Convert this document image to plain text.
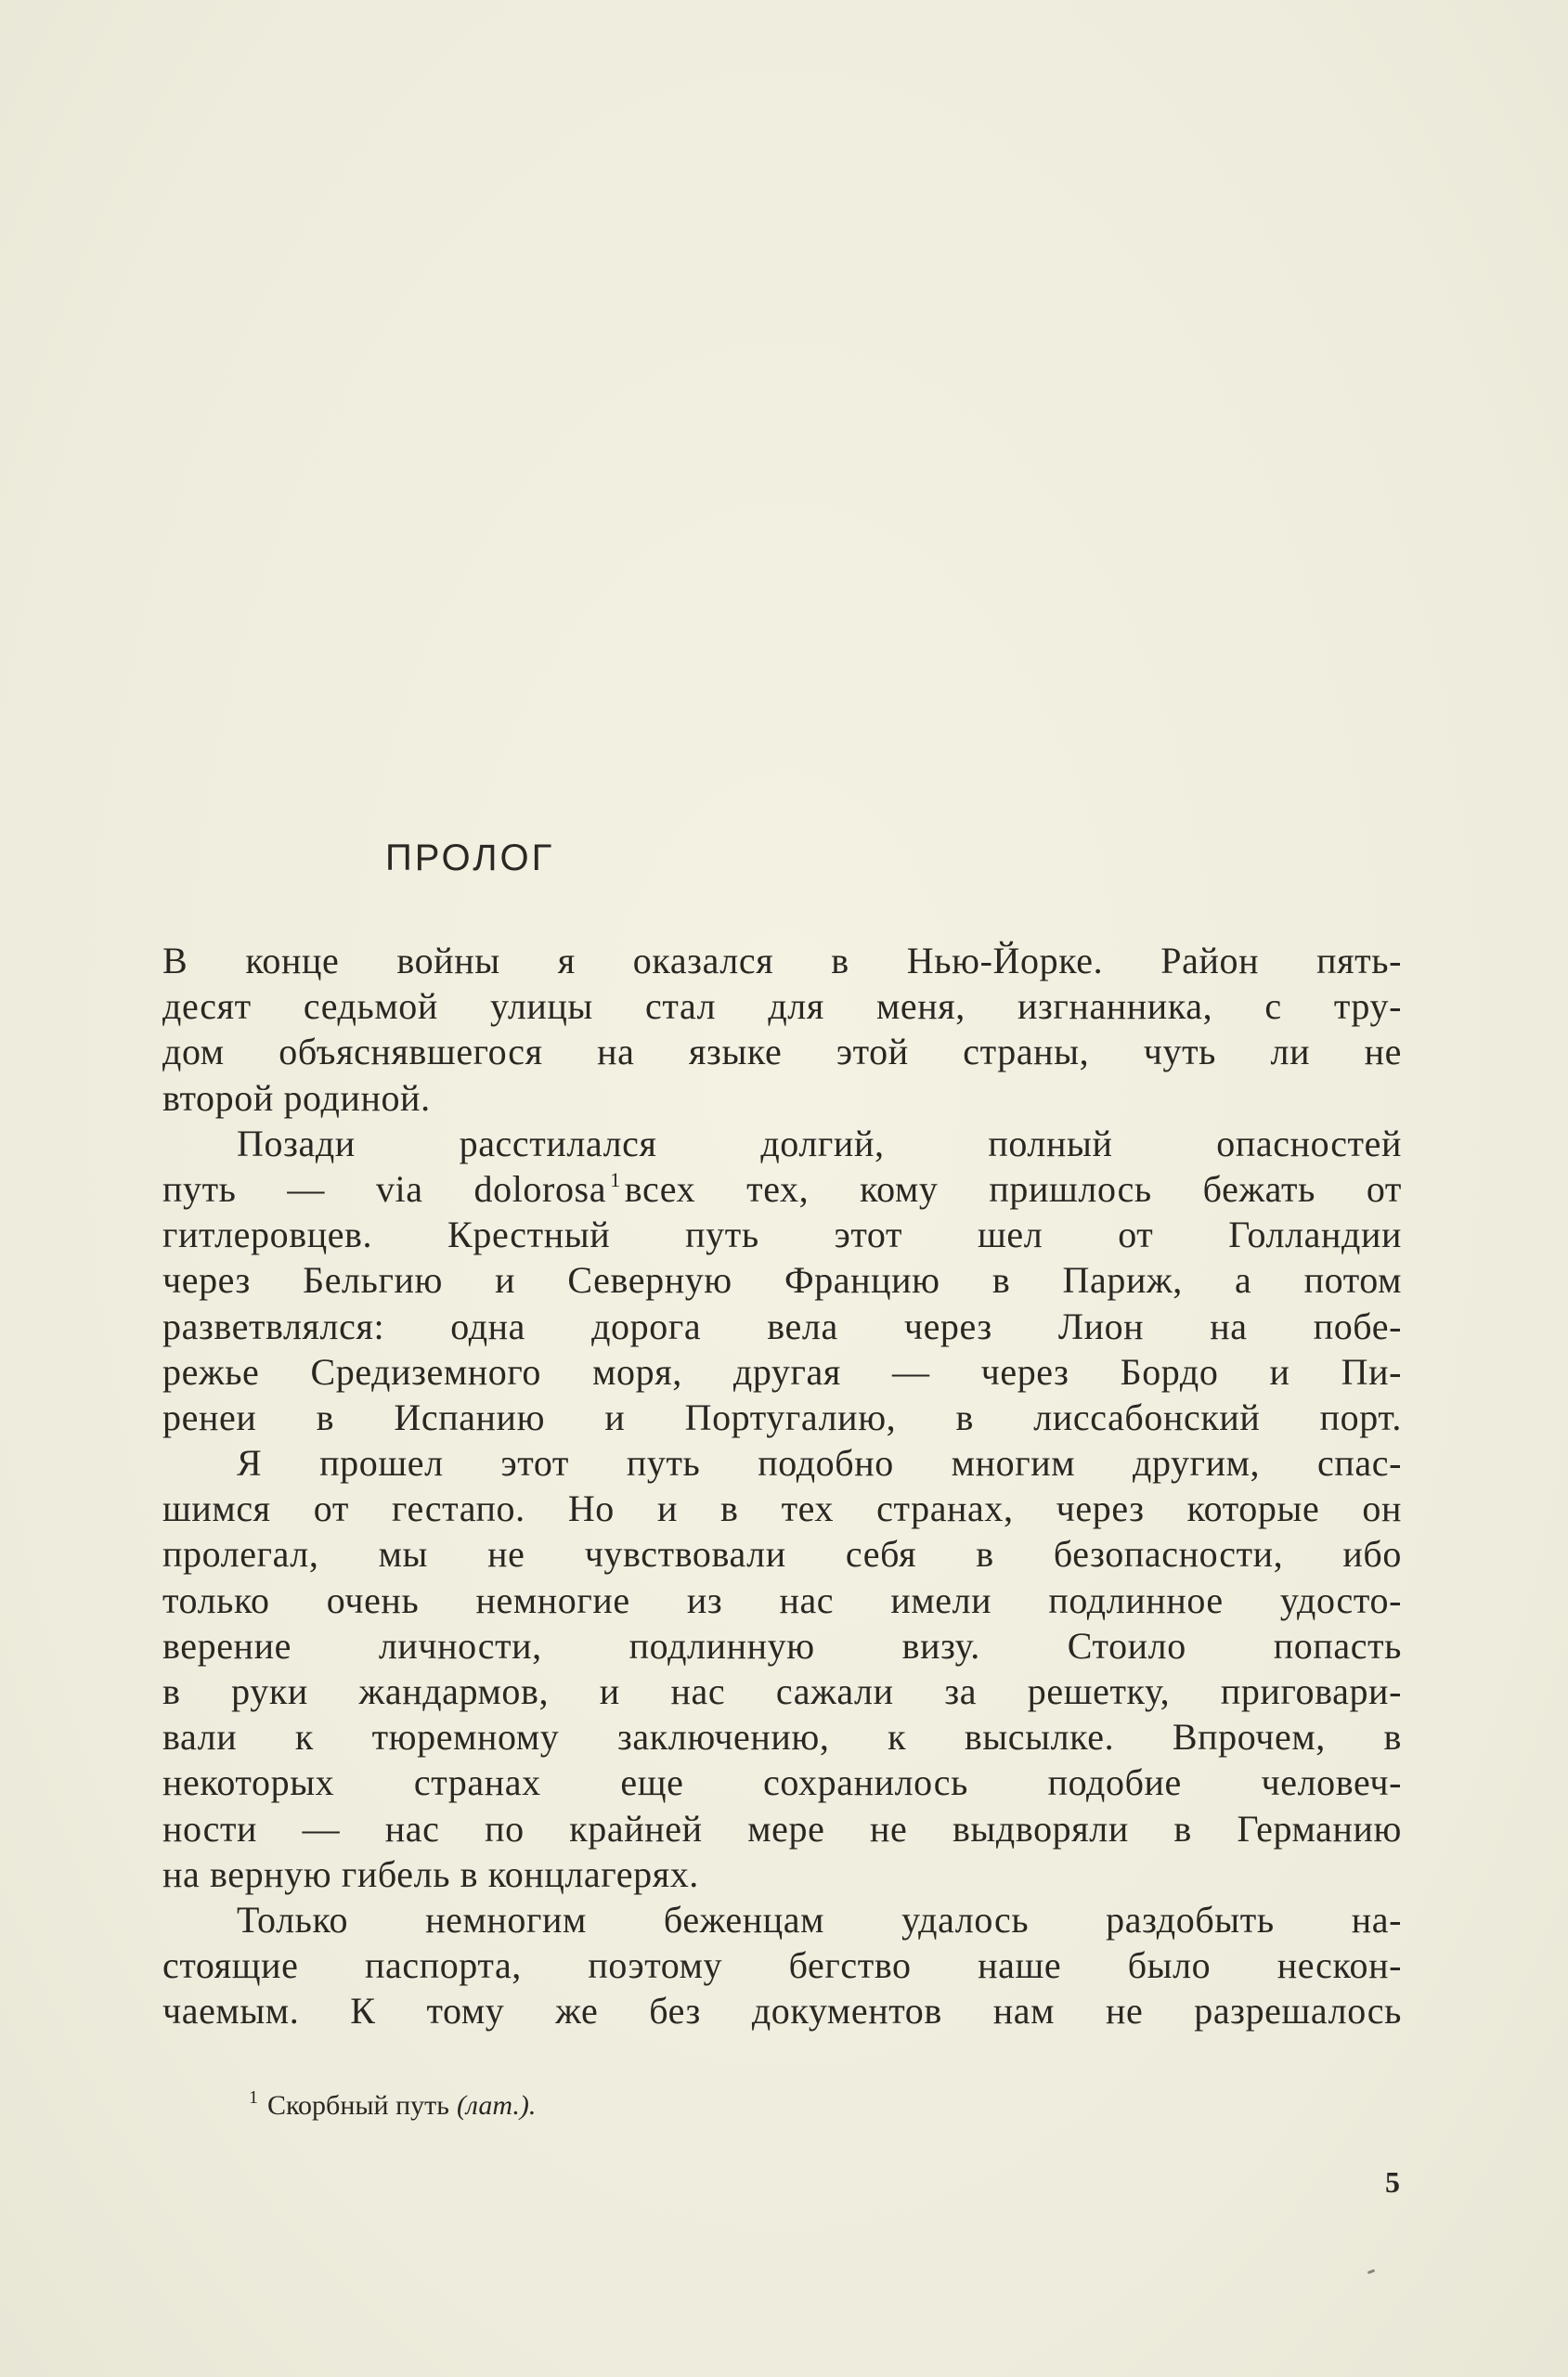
ПРОЛОГ
В конце войны я оказался в Нью-Йорке. Район пять-
десят седьмой улицы стал для меня, изгнанника, с тру-
дом объяснявшегося на языке этой страны, чуть ли не
второй родиной.
Позади расстилался долгий, полный опасностей
путь — via dolorosa $^1$ всех тех, кому пришлось бежать от
гитлеровцев. Крестный путь этот шел от Голландии
через Бельгию и Северную Францию в Париж, а потом
разветвлялся: одна дорога вела через Лион на побе-
режье Средиземного моря, другая — через Бордо и Пи-
ренеи в Испанию и Португалию, в лиссабонский порт.
Я прошел этот путь подобно многим другим, спас-
шимся от гестапо. Но и в тех странах, через которые он
пролегал, мы не чувствовали себя в безопасности, ибо
только очень немногие из нас имели подлинное удосто-
верение личности, подлинную визу. Стоило попасть
в руки жандармов, и нас сажали за решетку, приговари-
вали к тюремному заключению, к высылке. Впрочем, в
некоторых странах еще сохранилось подобие человеч-
ности — нас по крайней мере не выдворяли в Германию
на верную гибель в концлагерях.
Только немногим беженцам удалось раздобыть на-
стоящие паспорта, поэтому бегство наше было нескон-
чаемым. К тому же без документов нам не разрешалось
$^1$ Скорбный путь (лат.).
5
